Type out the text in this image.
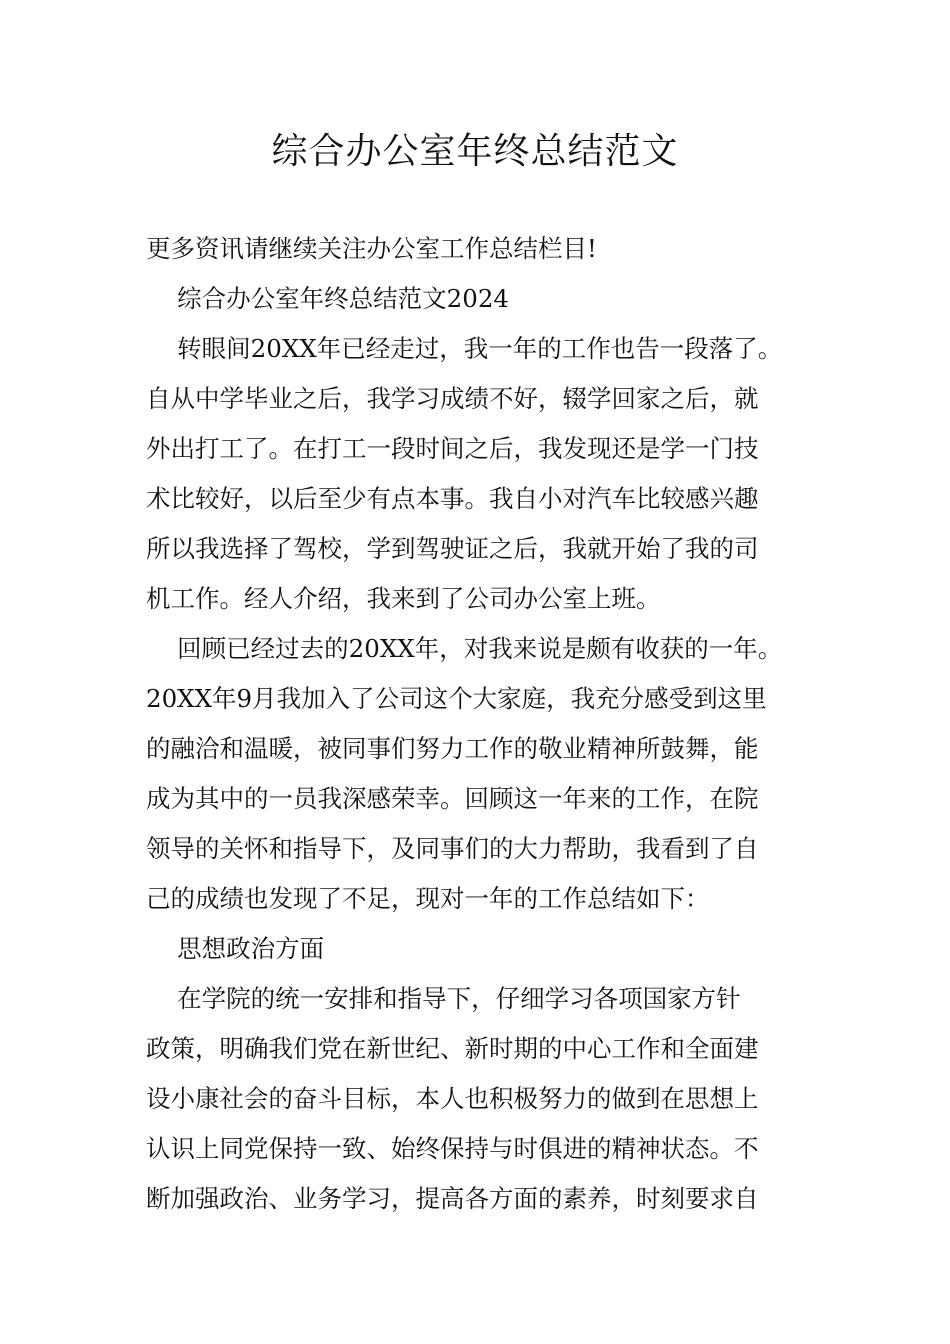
综合办公室年终总结范文

更多资讯请继续关注办公室工作总结栏目!

综合办公室年终总结范文2024

转眼间20XX年已经走过，我一年的工作也告一段落了。

自从中学毕业之后，我学习成绩不好，辍学回家之后，就

外出打工了。在打工一段时间之后，我发现还是学一门技

术比较好，以后至少有点本事。我自小对汽车比较感兴趣

所以我选择了驾校，学到驾驶证之后，我就开始了我的司

机工作。经人介绍，我来到了公司办公室上班。

回顾已经过去的20XX年，对我来说是颇有收获的一年。

20XX年9月我加入了公司这个大家庭，我充分感受到这里

的融洽和温暖，被同事们努力工作的敬业精神所鼓舞，能

成为其中的一员我深感荣幸。回顾这一年来的工作，在院

领导的关怀和指导下，及同事们的大力帮助，我看到了自

己的成绩也发现了不足，现对一年的工作总结如下：

思想政治方面

在学院的统一安排和指导下，仔细学习各项国家方针

政策，明确我们党在新世纪、新时期的中心工作和全面建

设小康社会的奋斗目标，本人也积极努力的做到在思想上

认识上同党保持一致、始终保持与时俱进的精神状态。不

断加强政治、业务学习，提高各方面的素养，时刻要求自
